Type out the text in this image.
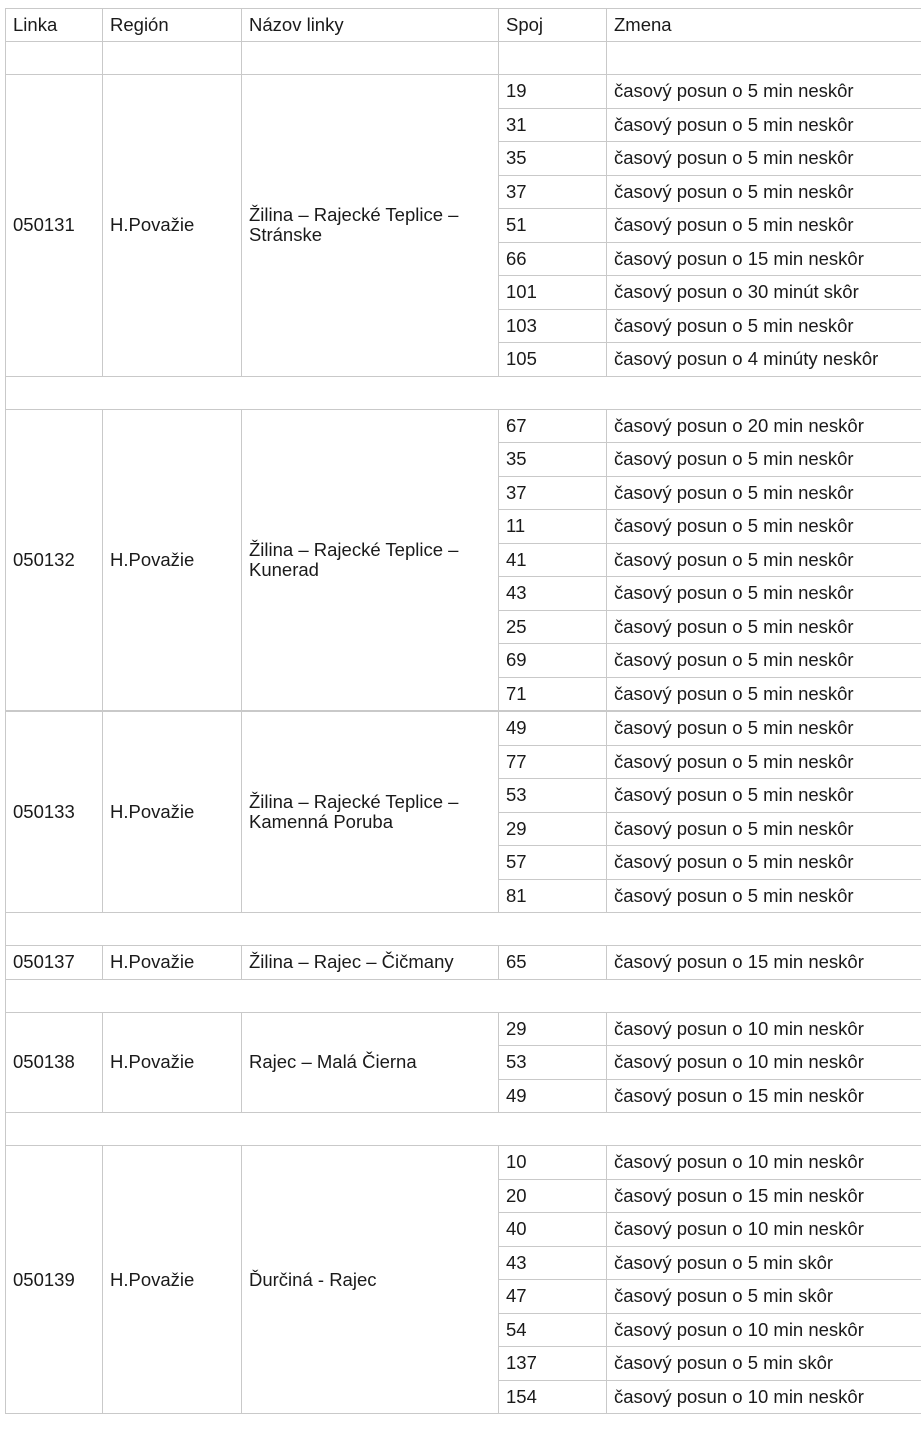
Linka	Región	Názov linky	Spoj	Zmena

050131	H.Považie	Žilina – Rajecké Teplice – Stránske	19	časový posun o 5 min neskôr
			31	časový posun o 5 min neskôr
			35	časový posun o 5 min neskôr
			37	časový posun o 5 min neskôr
			51	časový posun o 5 min neskôr
			66	časový posun o 15 min neskôr
			101	časový posun o 30 minút skôr
			103	časový posun o 5 min neskôr
			105	časový posun o 4 minúty neskôr

050132	H.Považie	Žilina – Rajecké Teplice – Kunerad	67	časový posun o 20 min neskôr
			35	časový posun o 5 min neskôr
			37	časový posun o 5 min neskôr
			11	časový posun o 5 min neskôr
			41	časový posun o 5 min neskôr
			43	časový posun o 5 min neskôr
			25	časový posun o 5 min neskôr
			69	časový posun o 5 min neskôr
			71	časový posun o 5 min neskôr
050133	H.Považie	Žilina – Rajecké Teplice – Kamenná Poruba	49	časový posun o 5 min neskôr
			77	časový posun o 5 min neskôr
			53	časový posun o 5 min neskôr
			29	časový posun o 5 min neskôr
			57	časový posun o 5 min neskôr
			81	časový posun o 5 min neskôr

050137	H.Považie	Žilina – Rajec – Čičmany	65	časový posun o 15 min neskôr

050138	H.Považie	Rajec – Malá Čierna	29	časový posun o 10 min neskôr
			53	časový posun o 10 min neskôr
			49	časový posun o 15 min neskôr

050139	H.Považie	Ďurčiná - Rajec	10	časový posun o 10 min neskôr
			20	časový posun o 15 min neskôr
			40	časový posun o 10 min neskôr
			43	časový posun o 5 min skôr
			47	časový posun o 5 min skôr
			54	časový posun o 10 min neskôr
			137	časový posun o 5 min skôr
			154	časový posun o 10 min neskôr
